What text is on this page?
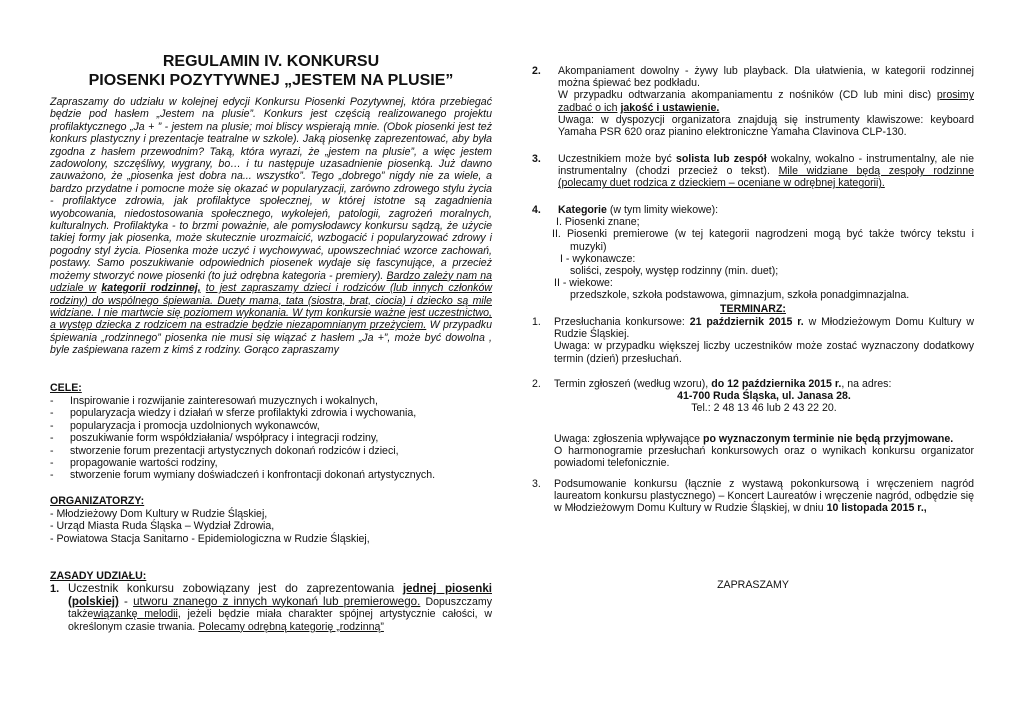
REGULAMIN IV. KONKURSU
PIOSENKI POZYTYWNEJ „JESTEM NA PLUSIE”
Zapraszamy do udziału w kolejnej edycji Konkursu Piosenki Pozytywnej, która przebiegać będzie pod hasłem „Jestem na plusie”. Konkurs jest częścią realizowanego projektu profilaktycznego „Ja + ” - jestem na plusie; moi bliscy wspierają mnie. (Obok piosenki jest też konkurs plastyczny i prezentacje teatralne w szkole). Jaką piosenkę zaprezentować, aby była zgodna z hasłem przewodnim? Taką, która wyrazi, że „jestem na plusie”, a więc jestem zadowolony, szczęśliwy, wygrany, bo… i tu następuje uzasadnienie piosenką. Już dawno zauważono, że „piosenka jest dobra na... wszystko”. Tego „dobrego” nigdy nie za wiele, a bardzo przydatne i pomocne może się okazać w popularyzacji, zarówno zdrowego stylu życia - profilaktyce zdrowia, jak profilaktyce społecznej, w której istotne są zagadnienia wyobcowania, niedostosowania społecznego, wykolejeń, patologii, zagrożeń moralnych, kulturalnych. Profilaktyka - to brzmi poważnie, ale pomysłodawcy konkursu sądzą, że użycie takiej formy jak piosenka, może skutecznie urozmaicić, wzbogacić i popularyzować zdrowy i pogodny styl życia. Piosenka może uczyć i wychowywać, upowszechniać wzorce zachowań, postawy. Samo poszukiwanie odpowiednich piosenek wydaje się fascynujące, a przecież możemy stworzyć nowe piosenki (to już odrębna kategoria - premiery). Bardzo zależy nam na udziale w kategorii rodzinnej, to jest zapraszamy dzieci i rodziców (lub innych członków rodziny) do wspólnego śpiewania. Duety mama, tata (siostra, brat, ciocia) i dziecko są mile widziane. I nie martwcie się poziomem wykonania. W tym konkursie ważne jest uczestnictwo, a występ dziecka z rodzicem na estradzie będzie niezapomnianym przeżyciem. W przypadku śpiewania „rodzinnego” piosenka nie musi się wiązać z hasłem „Ja +”, może być dowolna , byle zaśpiewana razem z kimś z rodziny. Gorąco zapraszamy
CELE:
- Inspirowanie i rozwijanie zainteresowań muzycznych i wokalnych,
- popularyzacja wiedzy i działań w sferze profilaktyki zdrowia i wychowania,
- popularyzacja i promocja uzdolnionych wykonawców,
- poszukiwanie form współdziałania/ współpracy i integracji rodziny,
- stworzenie forum prezentacji artystycznych dokonań rodziców i dzieci,
- propagowanie wartości rodziny,
- stworzenie forum wymiany doświadczeń i konfrontacji dokonań artystycznych.
ORGANIZATORZY:
- Młodzieżowy Dom Kultury w Rudzie Śląskiej,
- Urząd Miasta Ruda Śląska – Wydział Zdrowia,
- Powiatowa Stacja Sanitarno - Epidemiologiczna w Rudzie Śląskiej,
ZASADY UDZIAŁU:
1. Uczestnik konkursu zobowiązany jest do zaprezentowania jednej piosenki (polskiej) - utworu znanego z innych wykonań lub premierowego. Dopuszczamy takżewiązankę melodii, jeżeli będzie miała charakter spójnej artystycznie całości, w określonym czasie trwania. Polecamy odrębną kategorię „rodzinną”
2. Akompaniament dowolny - żywy lub playback. Dla ułatwienia, w kategorii rodzinnej można śpiewać bez podkładu.
W przypadku odtwarzania akompaniamentu z nośników (CD lub mini disc) prosimy zadbać o ich jakość i ustawienie.
Uwaga: w dyspozycji organizatora znajdują się instrumenty klawiszowe: keyboard Yamaha PSR 620 oraz pianino elektroniczne Yamaha Clavinova CLP-130.
3. Uczestnikiem może być solista lub zespół wokalny, wokalno - instrumentalny, ale nie instrumentalny (chodzi przecież o tekst). Mile widziane będą zespoły rodzinne (polecamy duet rodzica z dzieckiem – oceniane w odrębnej kategorii).
4. Kategorie (w tym limity wiekowe):
I. Piosenki znane;
II. Piosenki premierowe (w tej kategorii nagrodzeni mogą być także twórcy tekstu i muzyki)
I - wykonawcze:
soliści, zespoły, występ rodzinny (min. duet);
II - wiekowe:
przedszkole, szkoła podstawowa, gimnazjum, szkoła ponadgimnazjalna.
TERMINARZ:
1. Przesłuchania konkursowe: 21 październik 2015 r. w Młodzieżowym Domu Kultury w Rudzie Śląskiej.
Uwaga: w przypadku większej liczby uczestników może zostać wyznaczony dodatkowy termin (dzień) przesłuchań.
2. Termin zgłoszeń (według wzoru), do 12 października 2015 r., na adres:
41-700 Ruda Śląska, ul. Janasa 28.
Tel.: 2 48 13 46 lub 2 43 22 20.
Uwaga: zgłoszenia wpływające po wyznaczonym terminie nie będą przyjmowane.
O harmonogramie przesłuchań konkursowych oraz o wynikach konkursu organizator powiadomi telefonicznie.
3. Podsumowanie konkursu (łącznie z wystawą pokonkursową i wręczeniem nagród laureatom konkursu plastycznego) – Koncert Laureatów i wręczenie nagród, odbędzie się w Młodzieżowym Domu Kultury w Rudzie Śląskiej, w dniu 10 listopada 2015 r.,
ZAPRASZAMY
